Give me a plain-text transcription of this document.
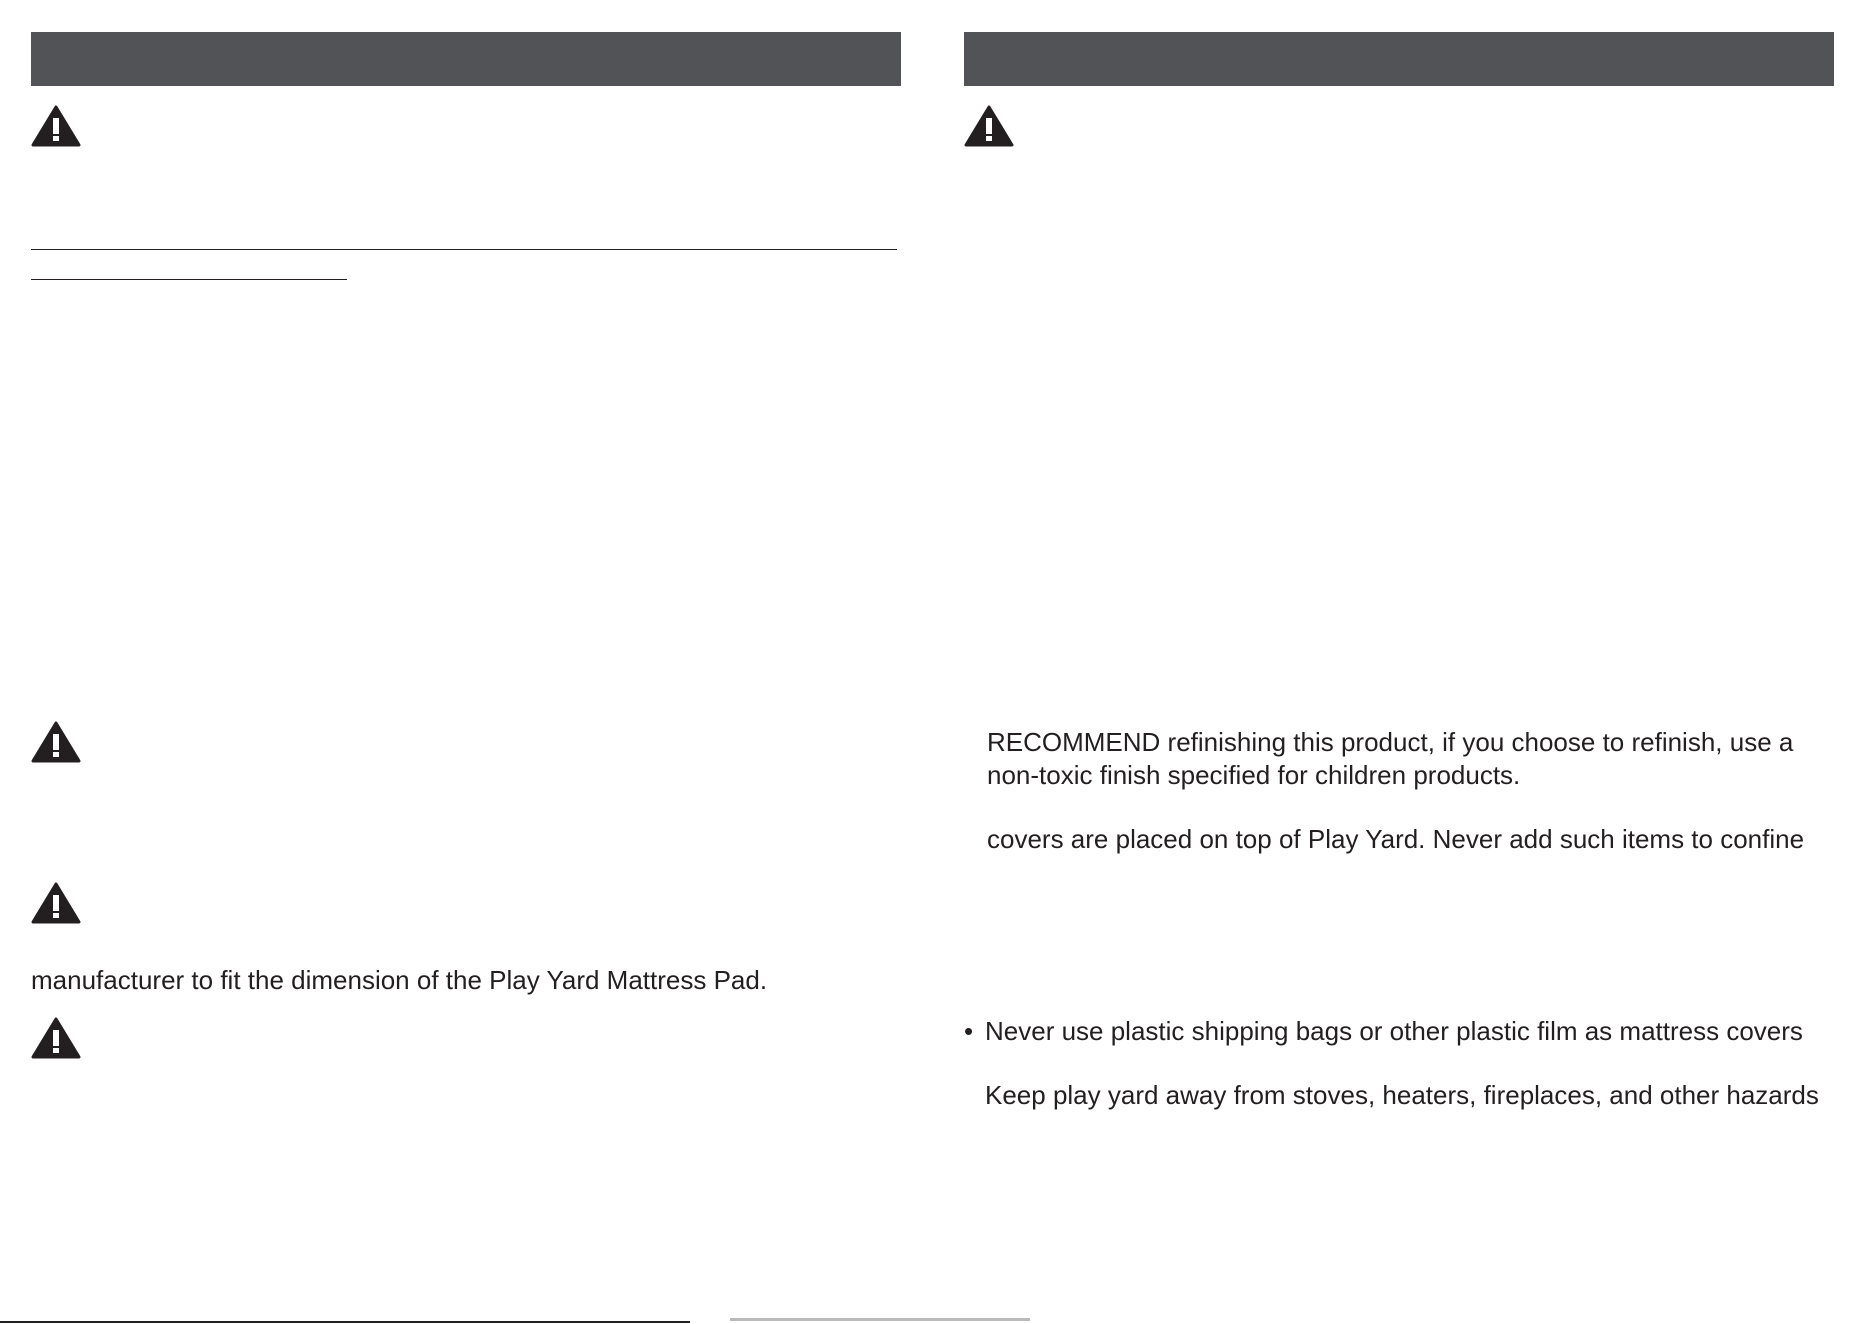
manufacturer to fit the dimension of the Play Yard Mattress Pad.
RECOMMEND refinishing this product, if you choose to refinish, use a
non-toxic finish specified for children products.
covers are placed on top of Play Yard. Never add such items to confine
• Never use plastic shipping bags or other plastic film as mattress covers
Keep play yard away from stoves, heaters, fireplaces, and other hazards
